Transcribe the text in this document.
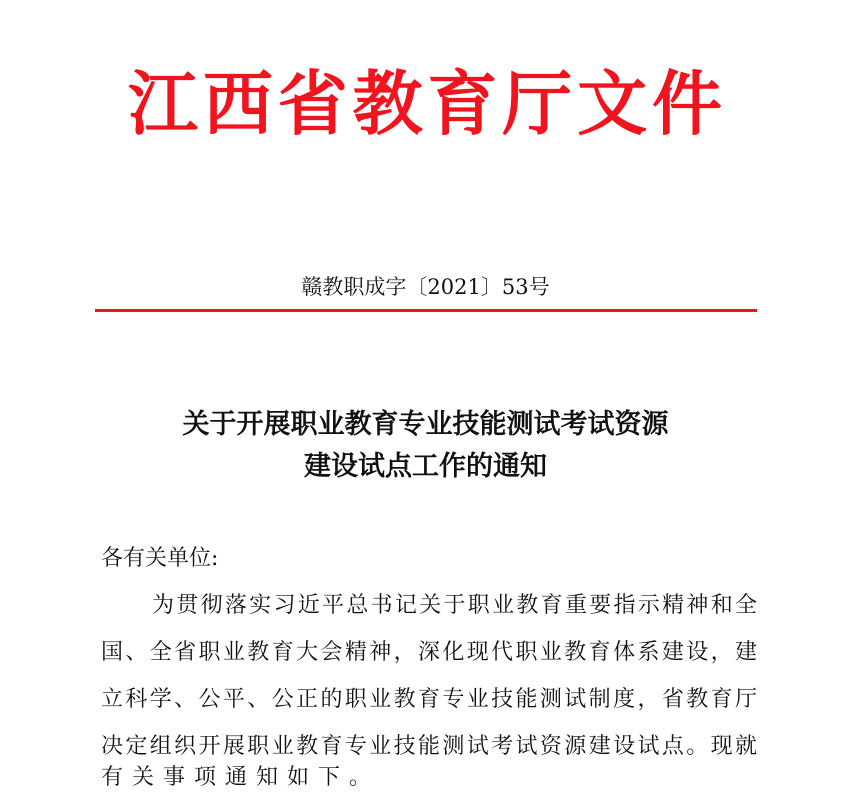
江西省教育厅文件
赣教职成字〔2021〕53号
关于开展职业教育专业技能测试考试资源
建设试点工作的通知
各有关单位:
为贯彻落实习近平总书记关于职业教育重要指示精神和全
国、全省职业教育大会精神，深化现代职业教育体系建设，建
立科学、公平、公正的职业教育专业技能测试制度，省教育厅
决定组织开展职业教育专业技能测试考试资源建设试点。现就
有关事项通知如下。
